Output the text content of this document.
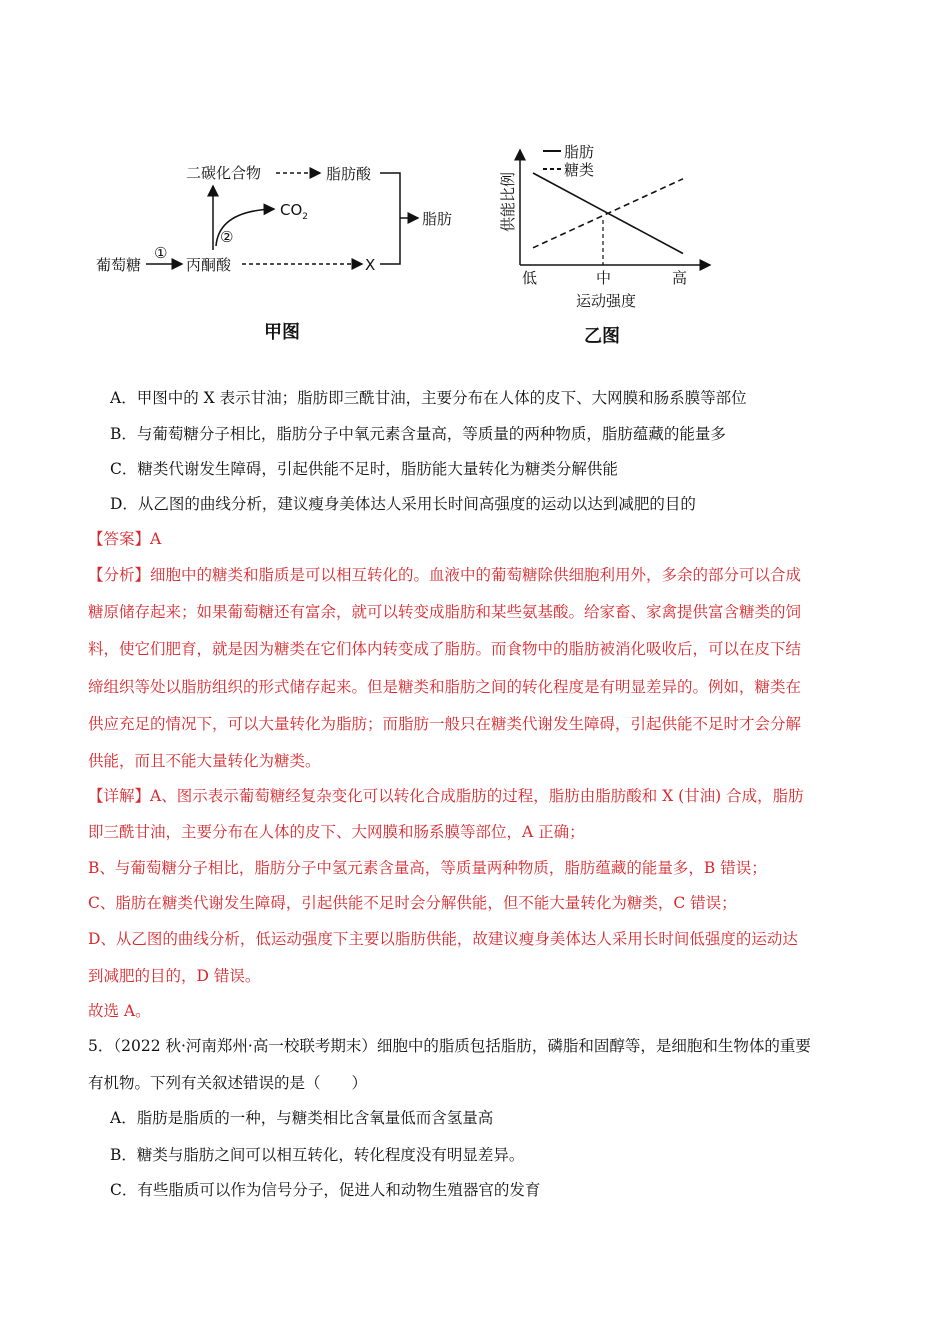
葡萄糖
①
丙酮酸
二碳化合物
②
$CO_2$
脂肪酸
X
脂肪
甲图
脂肪
糖类
供能比例
低	中	高
运动强度
乙图
A．甲图中的 X 表示甘油；脂肪即三酰甘油，主要分布在人体的皮下、大网膜和肠系膜等部位
B．与葡萄糖分子相比，脂肪分子中氧元素含量高，等质量的两种物质，脂肪蕴藏的能量多
C．糖类代谢发生障碍，引起供能不足时，脂肪能大量转化为糖类分解供能
D．从乙图的曲线分析，建议瘦身美体达人采用长时间高强度的运动以达到减肥的目的
【答案】A
【分析】细胞中的糖类和脂质是可以相互转化的。血液中的葡萄糖除供细胞利用外，多余的部分可以合成
糖原储存起来；如果葡萄糖还有富余，就可以转变成脂肪和某些氨基酸。给家畜、家禽提供富含糖类的饲
料，使它们肥育，就是因为糖类在它们体内转变成了脂肪。而食物中的脂肪被消化吸收后，可以在皮下结
缔组织等处以脂肪组织的形式储存起来。但是糖类和脂肪之间的转化程度是有明显差异的。例如，糖类在
供应充足的情况下，可以大量转化为脂肪；而脂肪一般只在糖类代谢发生障碍，引起供能不足时才会分解
供能，而且不能大量转化为糖类。
【详解】A、图示表示葡萄糖经复杂变化可以转化合成脂肪的过程，脂肪由脂肪酸和 X (甘油) 合成，脂肪
即三酰甘油，主要分布在人体的皮下、大网膜和肠系膜等部位，A 正确；
B、与葡萄糖分子相比，脂肪分子中氢元素含量高，等质量两种物质，脂肪蕴藏的能量多，B 错误；
C、脂肪在糖类代谢发生障碍，引起供能不足时会分解供能，但不能大量转化为糖类，C 错误；
D、从乙图的曲线分析，低运动强度下主要以脂肪供能，故建议瘦身美体达人采用长时间低强度的运动达
到减肥的目的，D 错误。
故选 A。
5．（2022 秋·河南郑州·高一校联考期末）细胞中的脂质包括脂肪，磷脂和固醇等，是细胞和生物体的重要
有机物。下列有关叙述错误的是（　　）
A．脂肪是脂质的一种，与糖类相比含氧量低而含氢量高
B．糖类与脂肪之间可以相互转化，转化程度没有明显差异。
C．有些脂质可以作为信号分子，促进人和动物生殖器官的发育
